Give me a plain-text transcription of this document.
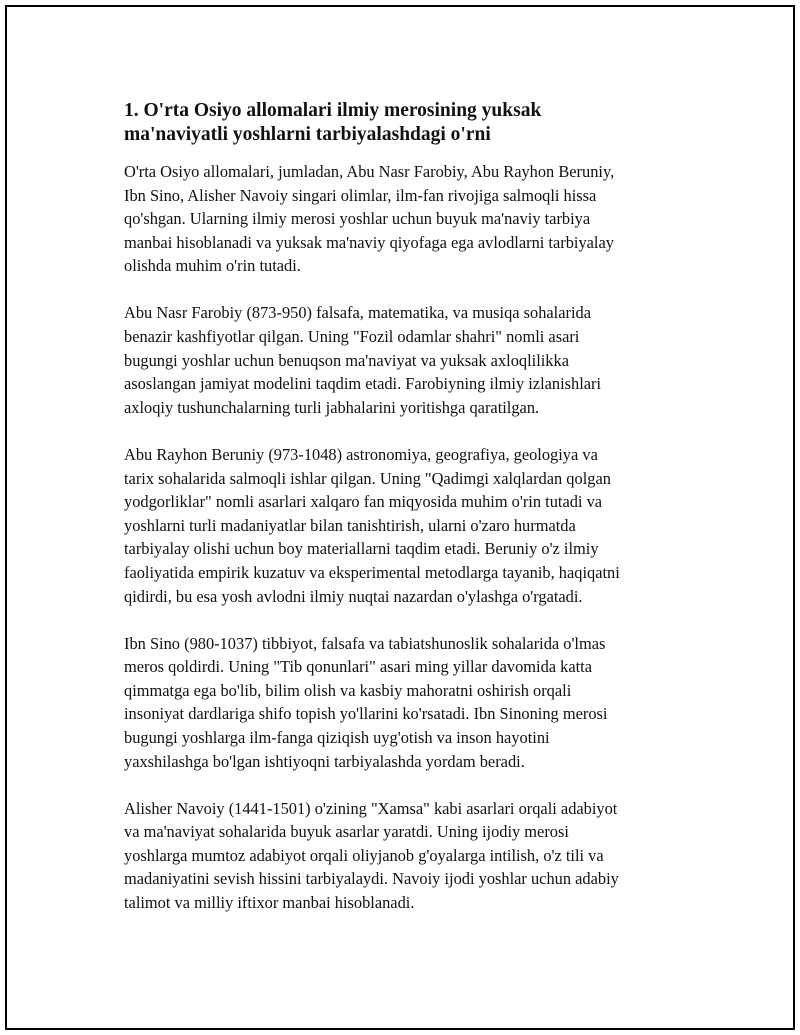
1. O'rta Osiyo allomalari ilmiy merosining yuksak
ma'naviyatli yoshlarni tarbiyalashdagi o'rni

O'rta Osiyo allomalari, jumladan, Abu Nasr Farobiy, Abu Rayhon Beruniy,
Ibn Sino, Alisher Navoiy singari olimlar, ilm-fan rivojiga salmoqli hissa
qo'shgan. Ularning ilmiy merosi yoshlar uchun buyuk ma'naviy tarbiya
manbai hisoblanadi va yuksak ma'naviy qiyofaga ega avlodlarni tarbiyalay
olishda muhim o'rin tutadi.

Abu Nasr Farobiy (873-950) falsafa, matematika, va musiqa sohalarida
benazir kashfiyotlar qilgan. Uning "Fozil odamlar shahri" nomli asari
bugungi yoshlar uchun benuqson ma'naviyat va yuksak axloqlilikka
asoslangan jamiyat modelini taqdim etadi. Farobiyning ilmiy izlanishlari
axloqiy tushunchalarning turli jabhalarini yoritishga qaratilgan.

Abu Rayhon Beruniy (973-1048) astronomiya, geografiya, geologiya va
tarix sohalarida salmoqli ishlar qilgan. Uning "Qadimgi xalqlardan qolgan
yodgorliklar" nomli asarlari xalqaro fan miqyosida muhim o'rin tutadi va
yoshlarni turli madaniyatlar bilan tanishtirish, ularni o'zaro hurmatda
tarbiyalay olishi uchun boy materiallarni taqdim etadi. Beruniy o'z ilmiy
faoliyatida empirik kuzatuv va eksperimental metodlarga tayanib, haqiqatni
qidirdi, bu esa yosh avlodni ilmiy nuqtai nazardan o'ylashga o'rgatadi.

Ibn Sino (980-1037) tibbiyot, falsafa va tabiatshunoslik sohalarida o'lmas
meros qoldirdi. Uning "Tib qonunlari" asari ming yillar davomida katta
qimmatga ega bo'lib, bilim olish va kasbiy mahoratni oshirish orqali
insoniyat dardlariga shifo topish yo'llarini ko'rsatadi. Ibn Sinoning merosi
bugungi yoshlarga ilm-fanga qiziqish uyg'otish va inson hayotini
yaxshilashga bo'lgan ishtiyoqni tarbiyalashda yordam beradi.

Alisher Navoiy (1441-1501) o'zining "Xamsa" kabi asarlari orqali adabiyot
va ma'naviyat sohalarida buyuk asarlar yaratdi. Uning ijodiy merosi
yoshlarga mumtoz adabiyot orqali oliyjanob g'oyalarga intilish, o'z tili va
madaniyatini sevish hissini tarbiyalaydi. Navoiy ijodi yoshlar uchun adabiy
talimot va milliy iftixor manbai hisoblanadi.
